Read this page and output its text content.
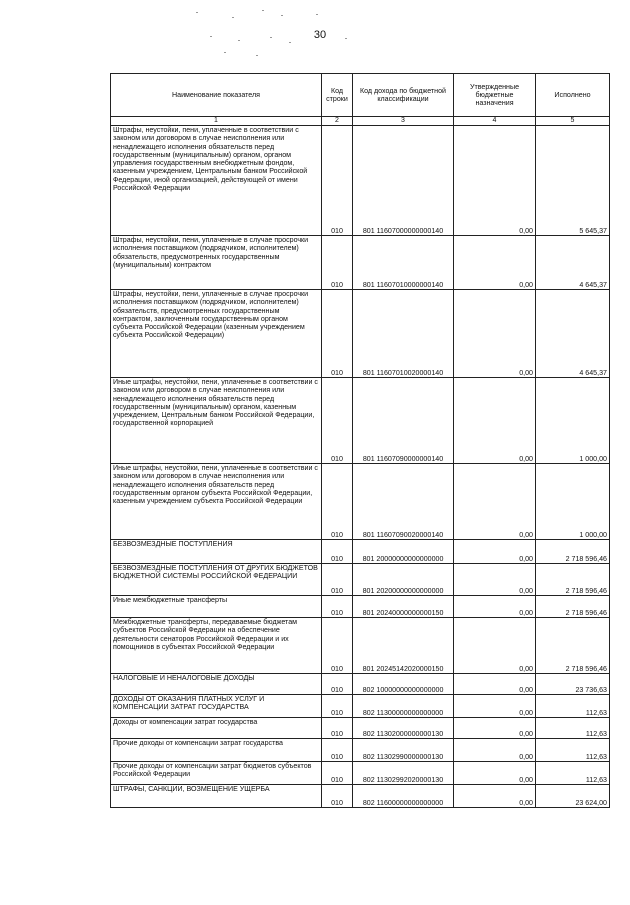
30
Наименование показателя	Код строки	Код дохода по бюджетной классификации	Утвержденные бюджетные назначения	Исполнено
1	2	3	4	5
Штрафы, неустойки, пени, уплаченные в соответствии с законом или договором в случае неисполнения или ненадлежащего исполнения обязательств перед государственным (муниципальным) органом, органом управления государственным внебюджетным фондом, казенным учреждением, Центральным банком Российской Федерации, иной организацией, действующей от имени Российской Федерации	010	801 11607000000000140	0,00	5 645,37
Штрафы, неустойки, пени, уплаченные в случае просрочки исполнения поставщиком (подрядчиком, исполнителем) обязательств, предусмотренных государственным (муниципальным) контрактом	010	801 11607010000000140	0,00	4 645,37
Штрафы, неустойки, пени, уплаченные в случае просрочки исполнения поставщиком (подрядчиком, исполнителем) обязательств, предусмотренных государственным контрактом, заключенным государственным органом субъекта Российской Федерации (казенным учреждением субъекта Российской Федерации)	010	801 11607010020000140	0,00	4 645,37
Иные штрафы, неустойки, пени, уплаченные в соответствии с законом или договором в случае неисполнения или ненадлежащего исполнения обязательств перед государственным (муниципальным) органом, казенным учреждением, Центральным банком Российской Федерации, государственной корпорацией	010	801 11607090000000140	0,00	1 000,00
Иные штрафы, неустойки, пени, уплаченные в соответствии с законом или договором в случае неисполнения или ненадлежащего исполнения обязательств перед государственным органом субъекта Российской Федерации, казенным учреждением субъекта Российской Федерации	010	801 11607090020000140	0,00	1 000,00
БЕЗВОЗМЕЗДНЫЕ ПОСТУПЛЕНИЯ	010	801 20000000000000000	0,00	2 718 596,46
БЕЗВОЗМЕЗДНЫЕ ПОСТУПЛЕНИЯ ОТ ДРУГИХ БЮДЖЕТОВ БЮДЖЕТНОЙ СИСТЕМЫ РОССИЙСКОЙ ФЕДЕРАЦИИ	010	801 20200000000000000	0,00	2 718 596,46
Иные межбюджетные трансферты	010	801 20240000000000150	0,00	2 718 596,46
Межбюджетные трансферты, передаваемые бюджетам субъектов Российской Федерации на обеспечение деятельности сенаторов Российской Федерации и их помощников в субъектах Российской Федерации	010	801 20245142020000150	0,00	2 718 596,46
НАЛОГОВЫЕ И НЕНАЛОГОВЫЕ ДОХОДЫ	010	802 10000000000000000	0,00	23 736,63
ДОХОДЫ ОТ ОКАЗАНИЯ ПЛАТНЫХ УСЛУГ И КОМПЕНСАЦИИ ЗАТРАТ ГОСУДАРСТВА	010	802 11300000000000000	0,00	112,63
Доходы от компенсации затрат государства	010	802 11302000000000130	0,00	112,63
Прочие доходы от компенсации затрат государства	010	802 11302990000000130	0,00	112,63
Прочие доходы от компенсации затрат бюджетов субъектов Российской Федерации	010	802 11302992020000130	0,00	112,63
ШТРАФЫ, САНКЦИИ, ВОЗМЕЩЕНИЕ УЩЕРБА	010	802 11600000000000000	0,00	23 624,00
